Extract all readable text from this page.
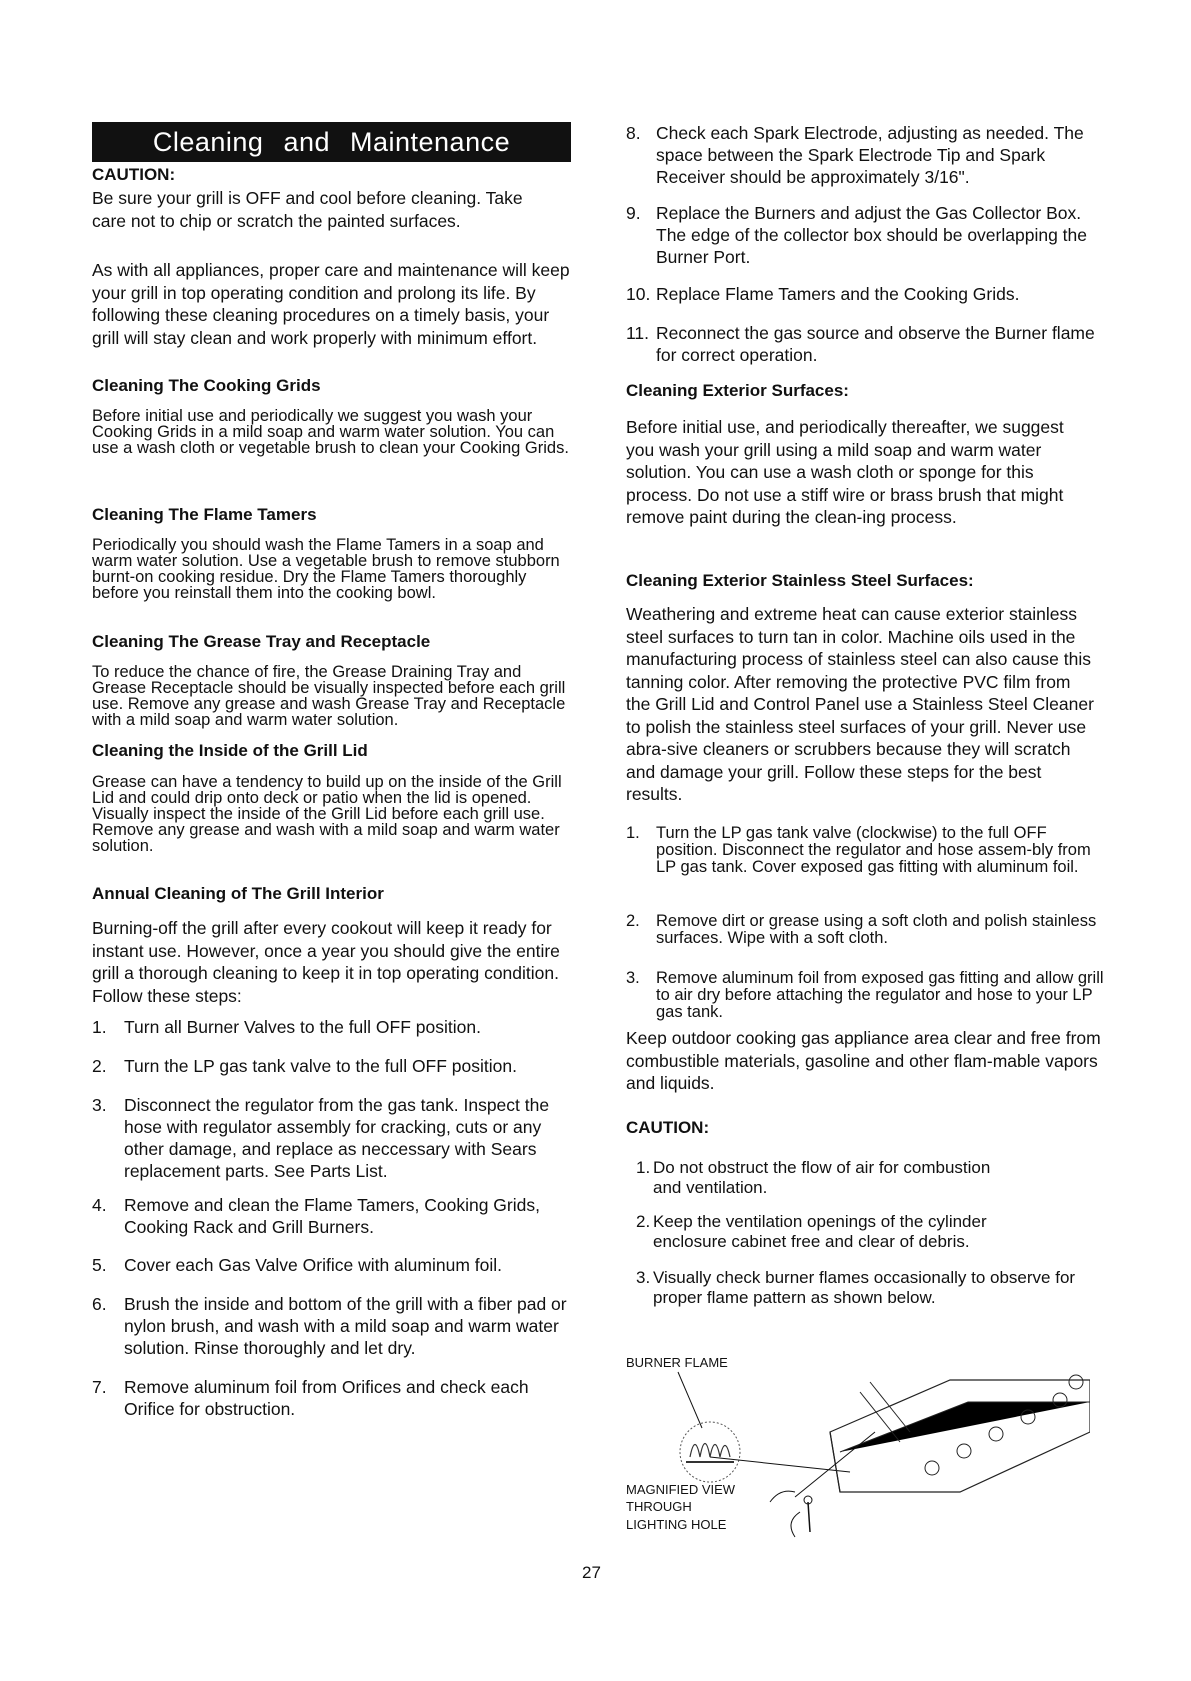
Cleaning and Maintenance
CAUTION:

Be sure your grill is OFF and cool before cleaning. Take care not to chip or scratch the painted surfaces.

As with all appliances, proper care and maintenance will keep your grill in top operating condition and prolong its life. By following these cleaning procedures on a timely basis, your grill will stay clean and work properly with minimum effort.

Cleaning The Cooking Grids

Before initial use and periodically we suggest you wash your Cooking Grids in a mild soap and warm water solution. You can use a wash cloth or vegetable brush to clean your Cooking Grids.

Cleaning The Flame Tamers

Periodically you should wash the Flame Tamers in a soap and warm water solution. Use a vegetable brush to remove stubborn burnt-on cooking residue. Dry the Flame Tamers thoroughly before you reinstall them into the cooking bowl.

Cleaning The Grease Tray and Receptacle

To reduce the chance of fire, the Grease Draining Tray and Grease Receptacle should be visually inspected before each grill use. Remove any grease and wash Grease Tray and Receptacle with a mild soap and warm water solution.

Cleaning the Inside of the Grill Lid

Grease can have a tendency to build up on the inside of the Grill Lid and could drip onto deck or patio when the lid is opened. Visually inspect the inside of the Grill Lid before each grill use. Remove any grease and wash with a mild soap and warm water solution.

Annual Cleaning of The Grill Interior

Burning-off the grill after every cookout will keep it ready for instant use. However, once a year you should give the entire grill a thorough cleaning to keep it in top operating condition. Follow these steps:

1. Turn all Burner Valves to the full OFF position.
2. Turn the LP gas tank valve to the full OFF position.
3. Disconnect the regulator from the gas tank. Inspect the hose with regulator assembly for cracking, cuts or any other damage, and replace as neccessary with Sears replacement parts. See Parts List.
4. Remove and clean the Flame Tamers, Cooking Grids, Cooking Rack and Grill Burners.
5. Cover each Gas Valve Orifice with aluminum foil.
6. Brush the inside and bottom of the grill with a fiber pad or nylon brush, and wash with a mild soap and warm water solution. Rinse thoroughly and let dry.
7. Remove aluminum foil from Orifices and check each Orifice for obstruction.
8. Check each Spark Electrode, adjusting as needed. The space between the Spark Electrode Tip and Spark Receiver should be approximately 3/16".
9. Replace the Burners and adjust the Gas Collector Box. The edge of the collector box should be overlapping the Burner Port.
10. Replace Flame Tamers and the Cooking Grids.
11. Reconnect the gas source and observe the Burner flame for correct operation.
Cleaning Exterior Surfaces:

Before initial use, and periodically thereafter, we suggest you wash your grill using a mild soap and warm water solution. You can use a wash cloth or sponge for this process. Do not use a stiff wire or brass brush that might remove paint during the clean-ing process.

Cleaning Exterior Stainless Steel Surfaces:

Weathering and extreme heat can cause exterior stainless steel surfaces to turn tan in color. Machine oils used in the manufacturing process of stainless steel can also cause this tanning color. After removing the protective PVC film from the Grill Lid and Control Panel use a Stainless Steel Cleaner to polish the stainless steel surfaces of your grill. Never use abra-sive cleaners or scrubbers because they will scratch and damage your grill. Follow these steps for the best results.

1. Turn the LP gas tank valve (clockwise) to the full OFF position. Disconnect the regulator and hose assem-bly from LP gas tank. Cover exposed gas fitting with aluminum foil.
2. Remove dirt or grease using a soft cloth and polish stainless surfaces. Wipe with a soft cloth.
3. Remove aluminum foil from exposed gas fitting and allow grill to air dry before attaching the regulator and hose to your LP gas tank.

Keep outdoor cooking gas appliance area clear and free from combustible materials, gasoline and other flam-mable vapors and liquids.

CAUTION:
1. Do not obstruct the flow of air for combustion and ventilation.
2. Keep the ventilation openings of the cylinder enclosure cabinet free and clear of debris.
3. Visually check burner flames occasionally to observe for proper flame pattern as shown below.
BURNER FLAME
MAGNIFIED VIEW
THROUGH
LIGHTING HOLE
27
